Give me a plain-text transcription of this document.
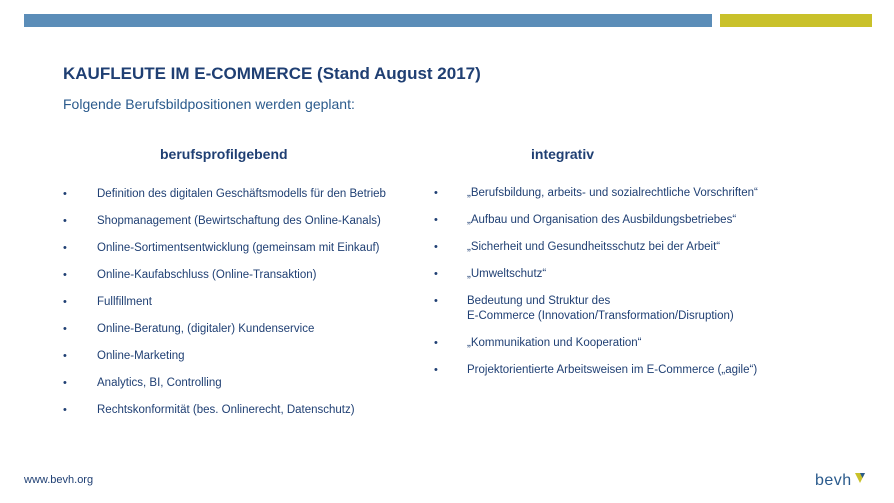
KAUFLEUTE IM E-COMMERCE (Stand August 2017)
Folgende Berufsbildpositionen werden geplant:
berufsprofilgebend	integrativ
•	Definition des digitalen Geschäftsmodells für den Betrieb
•	Shopmanagement (Bewirtschaftung des Online-Kanals)
•	Online-Sortimentsentwicklung (gemeinsam mit Einkauf)
•	Online-Kaufabschluss (Online-Transaktion)
•	Fullfillment
•	Online-Beratung, (digitaler) Kundenservice
•	Online-Marketing
•	Analytics, BI, Controlling
•	Rechtskonformität (bes. Onlinerecht, Datenschutz)
•	„Berufsbildung, arbeits- und sozialrechtliche Vorschriften“
•	„Aufbau und Organisation des Ausbildungsbetriebes“
•	„Sicherheit und Gesundheitsschutz bei der Arbeit“
•	„Umweltschutz“
•	Bedeutung und Struktur des
E-Commerce (Innovation/Transformation/Disruption)
•	„Kommunikation und Kooperation“
•	Projektorientierte Arbeitsweisen im E-Commerce („agile“)
www.bevh.org	bevh
